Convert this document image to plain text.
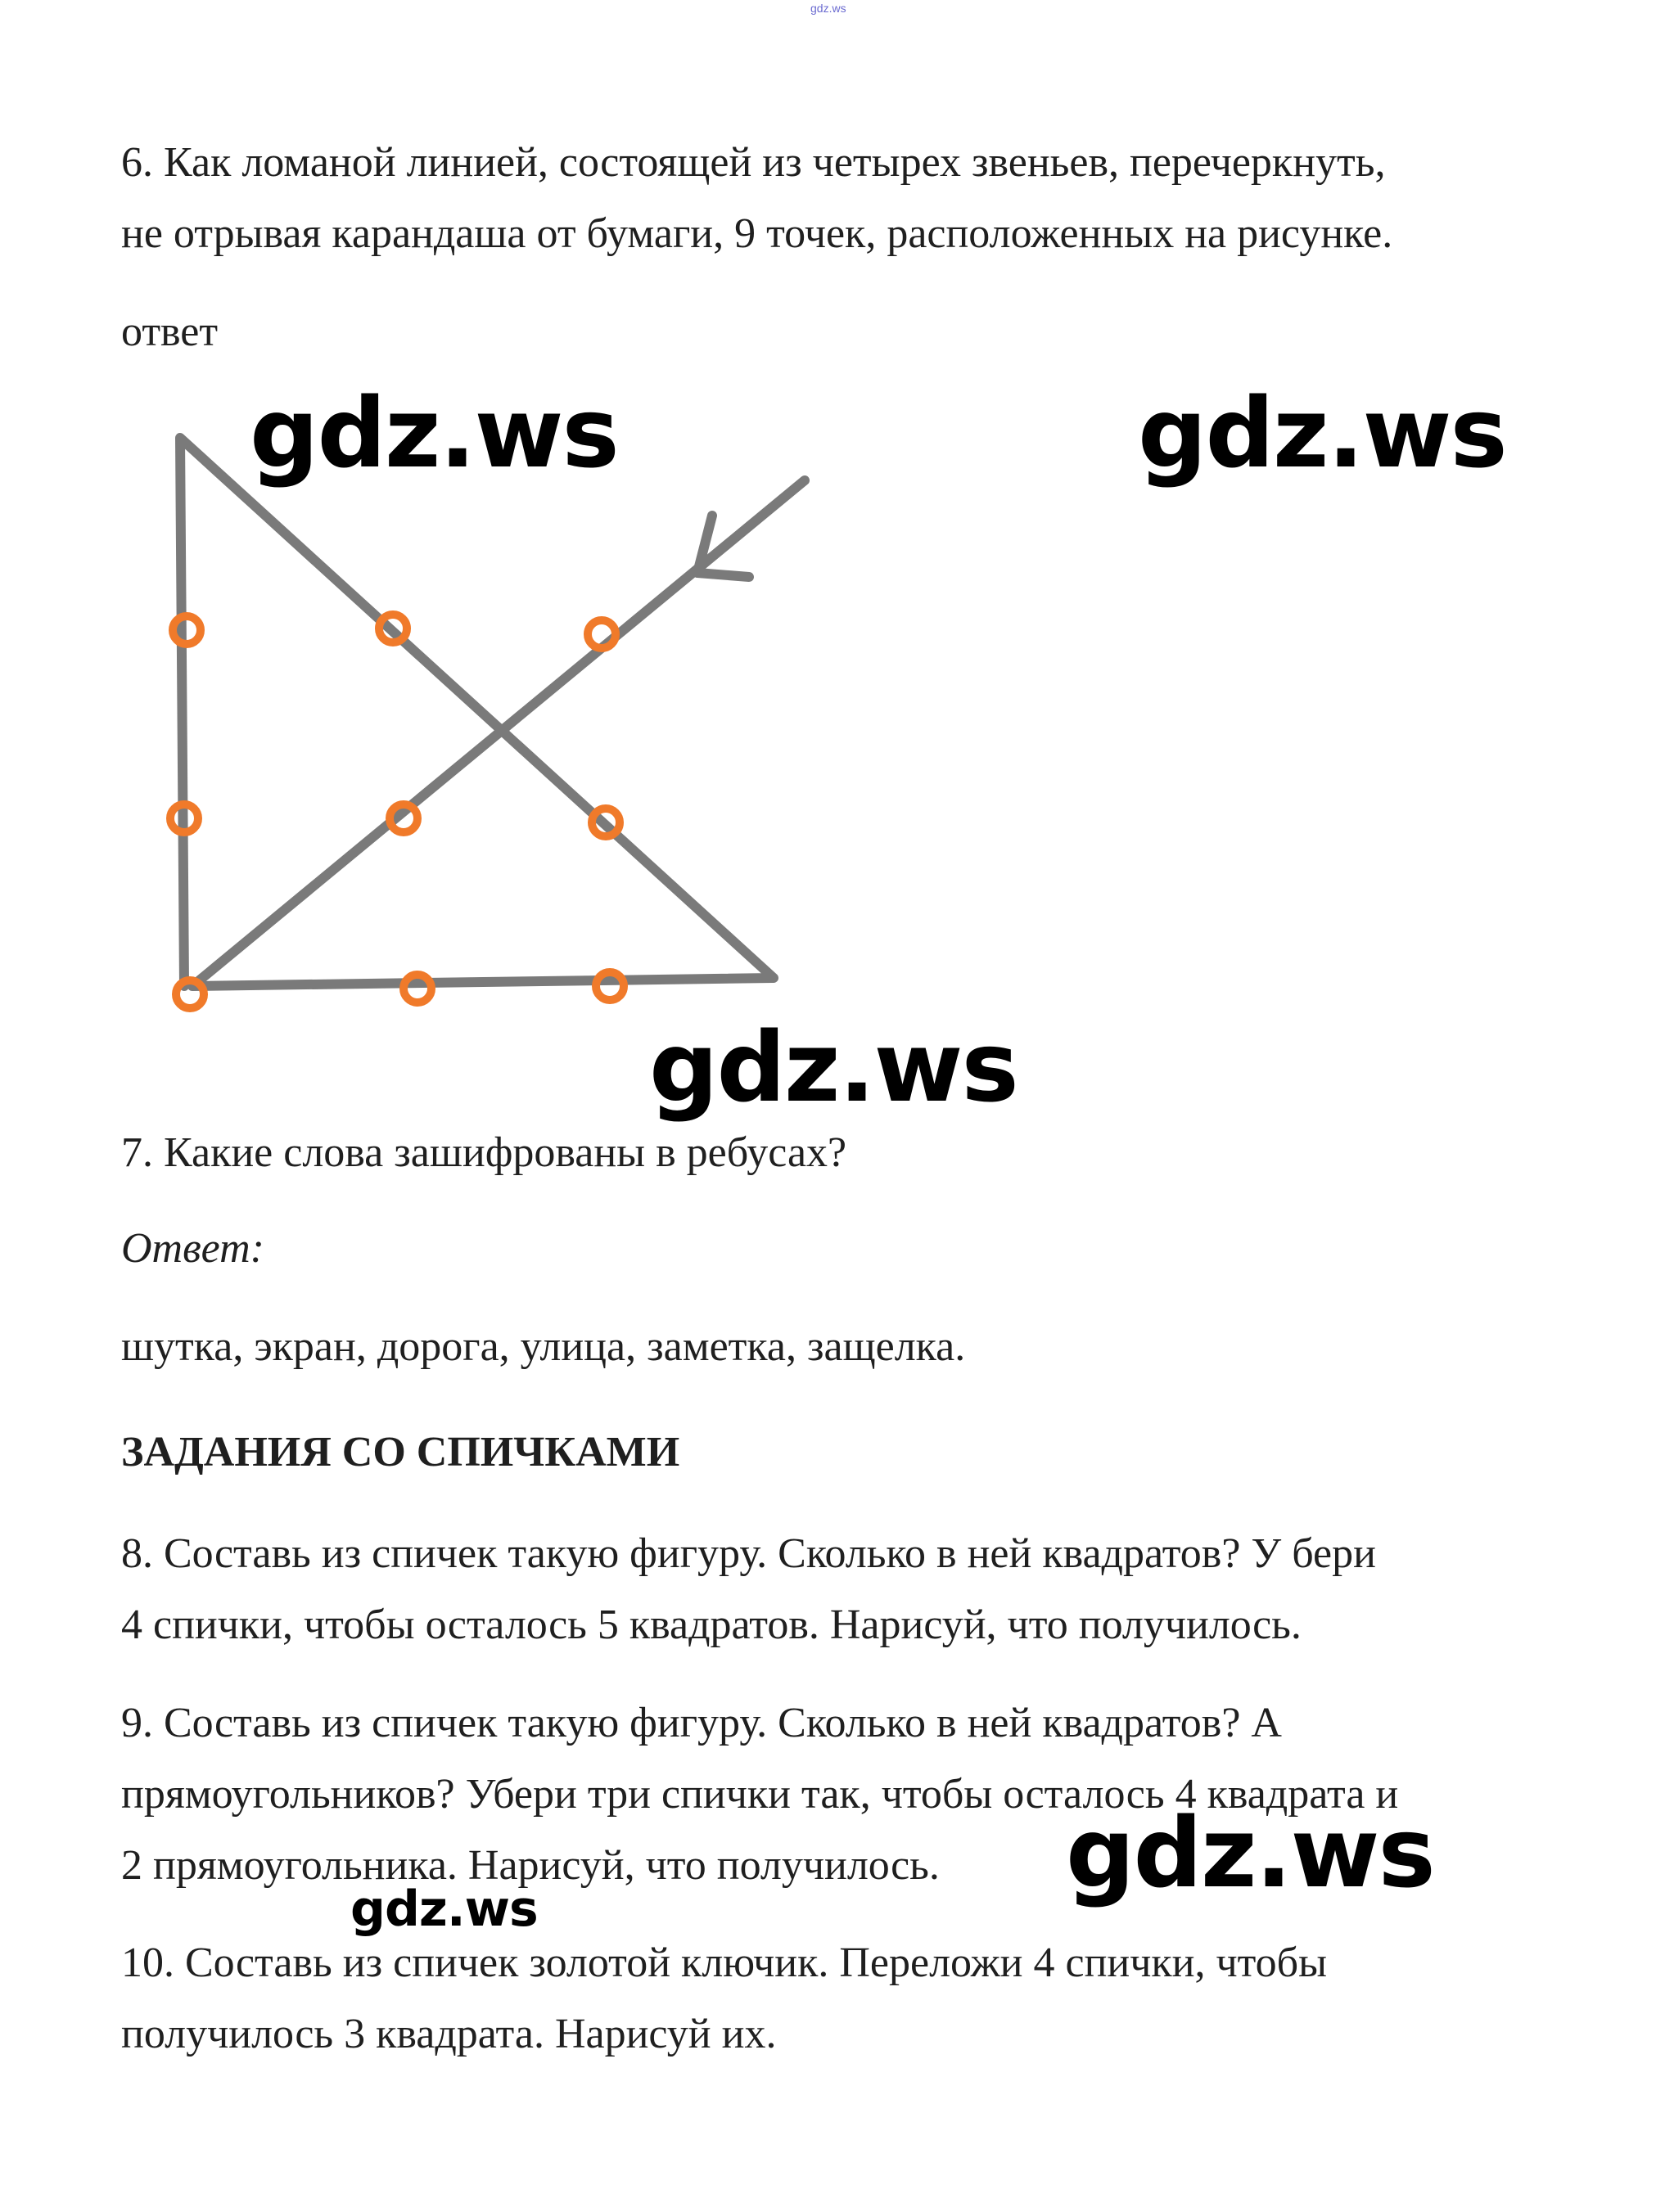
gdz.ws
6. Как ломаной линией, состоящей из четырех звеньев, перечеркнуть,
не отрывая карандаша от бумаги, 9 точек, расположенных на рисунке.
ответ
gdz.ws	gdz.ws
gdz.ws
7. Какие слова зашифрованы в ребусах?
Ответ:
шутка, экран, дорога, улица, заметка, защелка.
ЗАДАНИЯ СО СПИЧКАМИ
8. Составь из спичек такую фигуру. Сколько в ней квадратов? У бери
4 спички, чтобы осталось 5 квадратов. Нарисуй, что получилось.
9. Составь из спичек такую фигуру. Сколько в ней квадратов? А
прямоугольников? Убери три спички так, чтобы осталось 4 квадрата и
2 прямоугольника. Нарисуй, что получилось. gdz.ws
gdz.ws
10. Составь из спичек золотой ключик. Переложи 4 спички, чтобы
получилось 3 квадрата. Нарисуй их.
